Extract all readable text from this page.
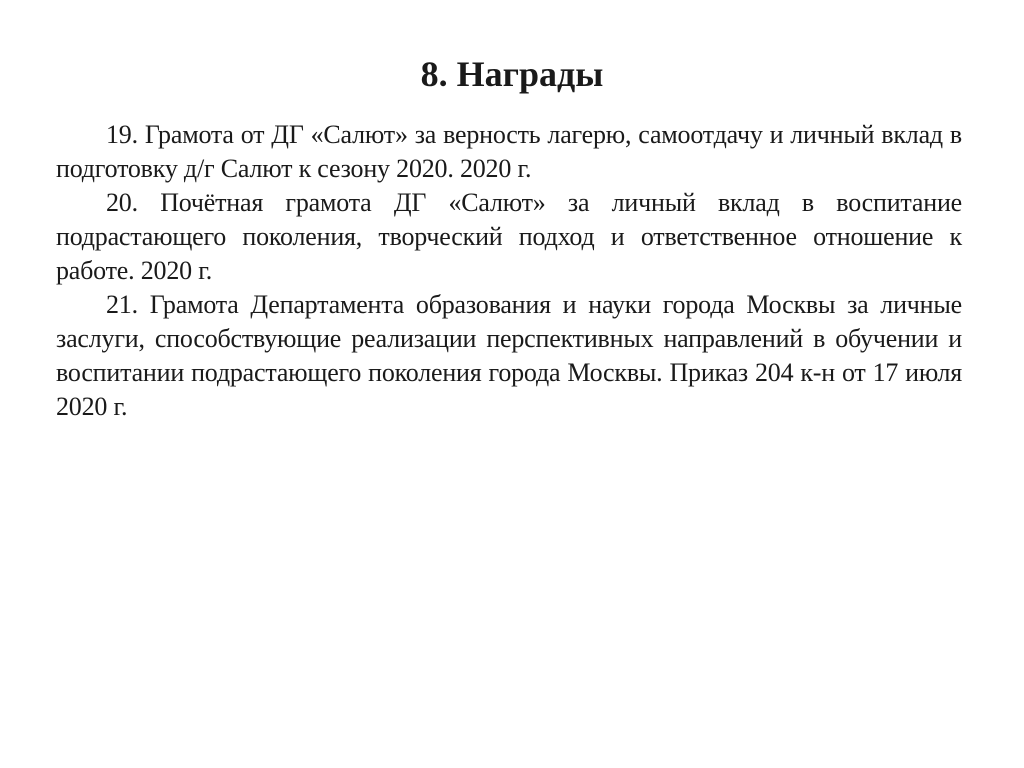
8. Награды

19. Грамота от ДГ «Салют» за верность лагерю, самоотдачу и личный вклад в подготовку д/г Салют к сезону 2020. 2020 г.

20. Почётная грамота ДГ «Салют» за личный вклад в воспитание подрастающего поколения, творческий подход и ответственное отношение к работе. 2020 г.

21. Грамота Департамента образования и науки города Москвы за личные заслуги, способствующие реализации перспективных направлений в обучении и воспитании подрастающего поколения города Москвы. Приказ 204 к-н от 17 июля 2020 г.
